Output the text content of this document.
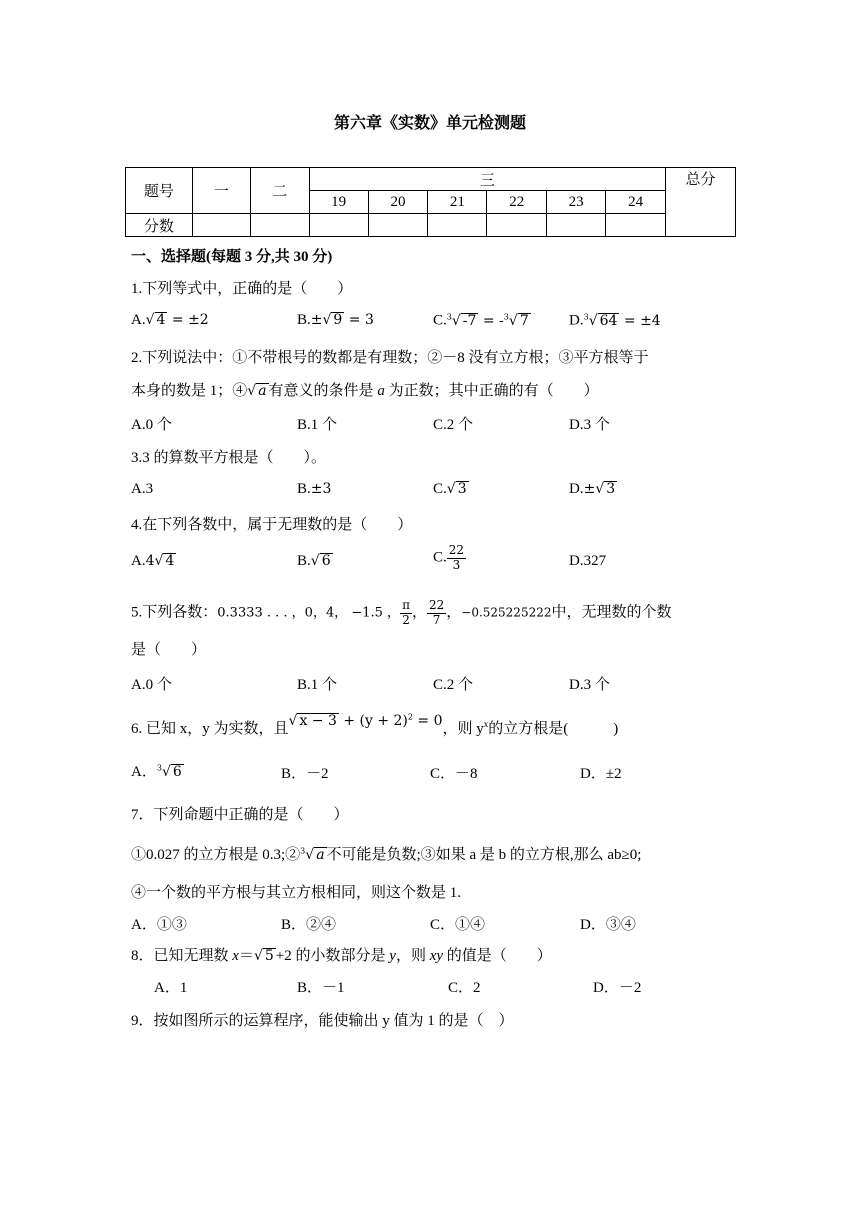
第六章《实数》单元检测题
题号	一	二	三						总分
			19	20	21	22	23	24	
分数									
一、选择题(每题 3 分,共 30 分)
1.下列等式中，正确的是（　　）
A.√ 4 = ±2	B.±√ 9 = 3	C.$^3$√ -7 = -$^3$√ 7	D.$^3$√ 64 = ±4
2.下列说法中：①不带根号的数都是有理数；②－8 没有立方根；③平方根等于
本身的数是 1；④√ a 有意义的条件是 a 为正数；其中正确的有（　　）
A.0 个	B.1 个	C.2 个	D.3 个
3.3 的算数平方根是（　　）。
A.3	B.±3	C.√ 3	D.±√ 3
4.在下列各数中，属于无理数的是（　　）
A.4√ 4	B.√ 6	C. $\frac{22}{3}$	D.327
5.下列各数：0.3333 . . . ，0，4， −1.5 ， $\frac{\pi}{2}$ ， $\frac{22}{7}$ ，−0.525225222中，无理数的个数
是（　　）
A.0 个	B.1 个	C.2 个	D.3 个
6. 已知 x，y 为实数，且√ $x - 3 + (y + 2)^2 = 0$，则 $y^x$的立方根是(　　　)
A．$^3$√ 6	B．－2	C．－8	D．±2
7．下列命题中正确的是（　　）
①0.027 的立方根是 0.3;②$^3$√ a 不可能是负数;③如果 a 是 b 的立方根,那么 ab≥0;
④一个数的平方根与其立方根相同，则这个数是 1.
A．①③	B．②④	C．①④	D．③④
8．已知无理数 x＝√ 5 +2 的小数部分是 y，则 xy 的值是（　　）
A．1	B．－1	C．2	D．－2
9．按如图所示的运算程序，能使输出 y 值为 1 的是（　）
